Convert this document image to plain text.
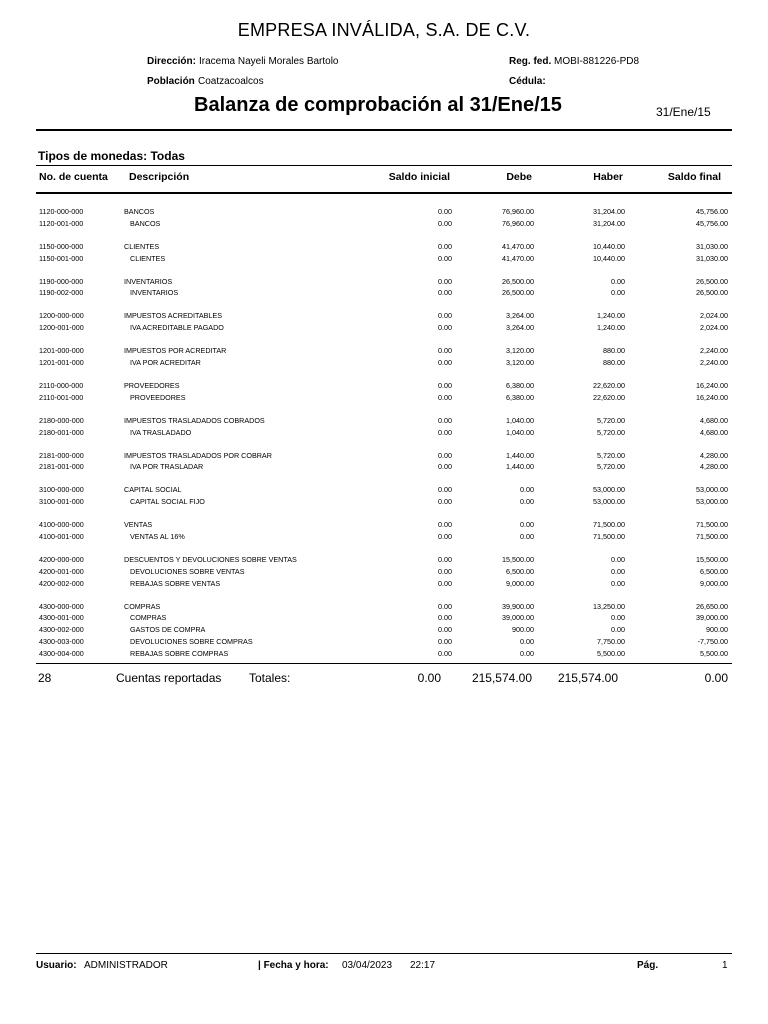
EMPRESA INVÁLIDA, S.A. DE C.V.
Dirección: Iracema Nayeli Morales Bartolo
Población Coatzacoalcos
Reg. fed. MOBI-881226-PD8
Cédula:
Balanza de comprobación al 31/Ene/15	31/Ene/15
Tipos de monedas: Todas
No. de cuenta Descripción	Saldo inicial	Debe	Haber	Saldo final
1120-000-000	BANCOS	0.00	76,960.00	31,204.00	45,756.00
1120-001-000	BANCOS	0.00	76,960.00	31,204.00	45,756.00
1150-000-000	CLIENTES	0.00	41,470.00	10,440.00	31,030.00
1150-001-000	CLIENTES	0.00	41,470.00	10,440.00	31,030.00
1190-000-000	INVENTARIOS	0.00	26,500.00	0.00	26,500.00
1190-002-000	INVENTARIOS	0.00	26,500.00	0.00	26,500.00
1200-000-000	IMPUESTOS ACREDITABLES	0.00	3,264.00	1,240.00	2,024.00
1200-001-000	IVA ACREDITABLE PAGADO	0.00	3,264.00	1,240.00	2,024.00
1201-000-000	IMPUESTOS POR ACREDITAR	0.00	3,120.00	880.00	2,240.00
1201-001-000	IVA POR ACREDITAR	0.00	3,120.00	880.00	2,240.00
2110-000-000	PROVEEDORES	0.00	6,380.00	22,620.00	16,240.00
2110-001-000	PROVEEDORES	0.00	6,380.00	22,620.00	16,240.00
2180-000-000	IMPUESTOS TRASLADADOS COBRADOS	0.00	1,040.00	5,720.00	4,680.00
2180-001-000	IVA TRASLADADO	0.00	1,040.00	5,720.00	4,680.00
2181-000-000	IMPUESTOS TRASLADADOS POR COBRAR	0.00	1,440.00	5,720.00	4,280.00
2181-001-000	IVA POR TRASLADAR	0.00	1,440.00	5,720.00	4,280.00
3100-000-000	CAPITAL SOCIAL	0.00	0.00	53,000.00	53,000.00
3100-001-000	CAPITAL SOCIAL FIJO	0.00	0.00	53,000.00	53,000.00
4100-000-000	VENTAS	0.00	0.00	71,500.00	71,500.00
4100-001-000	VENTAS AL 16%	0.00	0.00	71,500.00	71,500.00
4200-000-000	DESCUENTOS Y DEVOLUCIONES SOBRE VENTAS	0.00	15,500.00	0.00	15,500.00
4200-001-000	DEVOLUCIONES SOBRE VENTAS	0.00	6,500.00	0.00	6,500.00
4200-002-000	REBAJAS SOBRE VENTAS	0.00	9,000.00	0.00	9,000.00
4300-000-000	COMPRAS	0.00	39,900.00	13,250.00	26,650.00
4300-001-000	COMPRAS	0.00	39,000.00	0.00	39,000.00
4300-002-000	GASTOS DE COMPRA	0.00	900.00	0.00	900.00
4300-003-000	DEVOLUCIONES SOBRE COMPRAS	0.00	0.00	7,750.00	-7,750.00
4300-004-000	REBAJAS SOBRE COMPRAS	0.00	0.00	5,500.00	5,500.00
28	Cuentas reportadas Totales:	0.00	215,574.00 215,574.00	0.00
Usuario: ADMINISTRADOR	| Fecha y hora: 03/04/2023 22:17	Pág.	1
